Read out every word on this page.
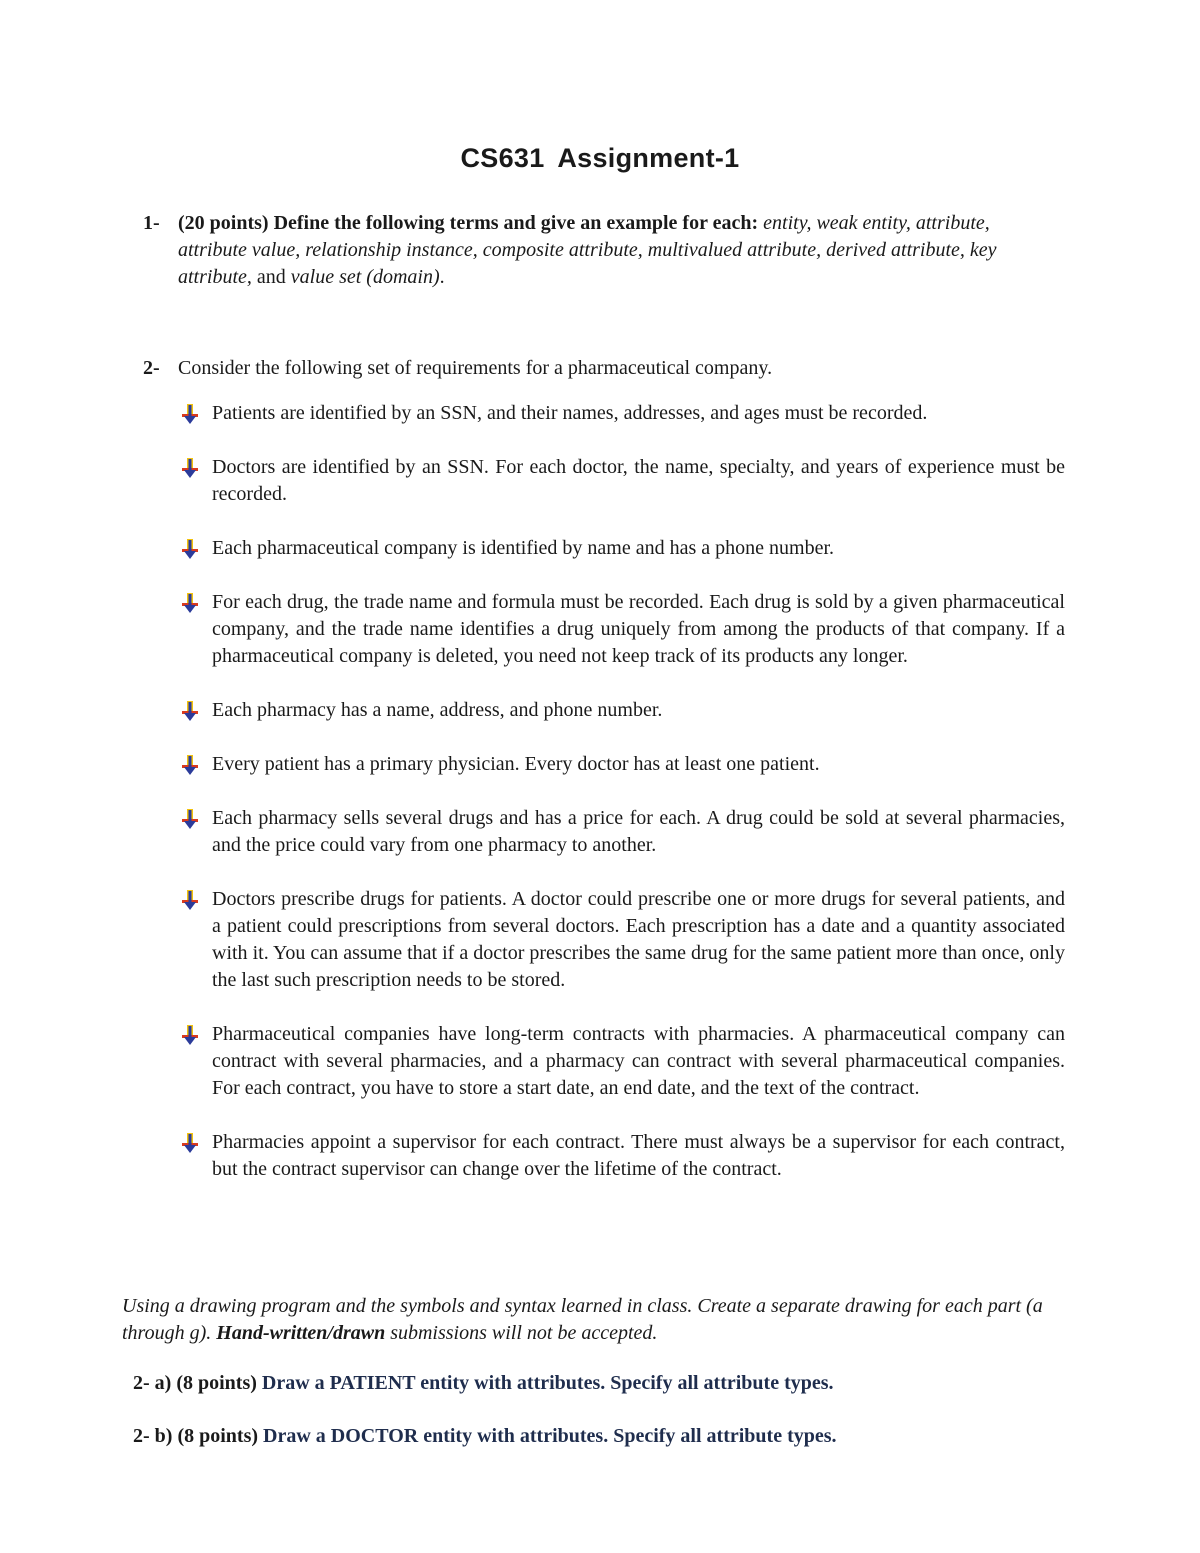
CS631 Assignment-1
1- (20 points) Define the following terms and give an example for each: entity, weak entity, attribute, attribute value, relationship instance, composite attribute, multivalued attribute, derived attribute, key attribute, and value set (domain).
2- Consider the following set of requirements for a pharmaceutical company.
Patients are identified by an SSN, and their names, addresses, and ages must be recorded.
Doctors are identified by an SSN. For each doctor, the name, specialty, and years of experience must be recorded.
Each pharmaceutical company is identified by name and has a phone number.
For each drug, the trade name and formula must be recorded. Each drug is sold by a given pharmaceutical company, and the trade name identifies a drug uniquely from among the products of that company. If a pharmaceutical company is deleted, you need not keep track of its products any longer.
Each pharmacy has a name, address, and phone number.
Every patient has a primary physician. Every doctor has at least one patient.
Each pharmacy sells several drugs and has a price for each. A drug could be sold at several pharmacies, and the price could vary from one pharmacy to another.
Doctors prescribe drugs for patients. A doctor could prescribe one or more drugs for several patients, and a patient could prescriptions from several doctors. Each prescription has a date and a quantity associated with it. You can assume that if a doctor prescribes the same drug for the same patient more than once, only the last such prescription needs to be stored.
Pharmaceutical companies have long-term contracts with pharmacies. A pharmaceutical company can contract with several pharmacies, and a pharmacy can contract with several pharmaceutical companies. For each contract, you have to store a start date, an end date, and the text of the contract.
Pharmacies appoint a supervisor for each contract. There must always be a supervisor for each contract, but the contract supervisor can change over the lifetime of the contract.
Using a drawing program and the symbols and syntax learned in class. Create a separate drawing for each part (a through g). Hand-written/drawn submissions will not be accepted.
2- a) (8 points) Draw a PATIENT entity with attributes. Specify all attribute types.
2- b) (8 points) Draw a DOCTOR entity with attributes. Specify all attribute types.
